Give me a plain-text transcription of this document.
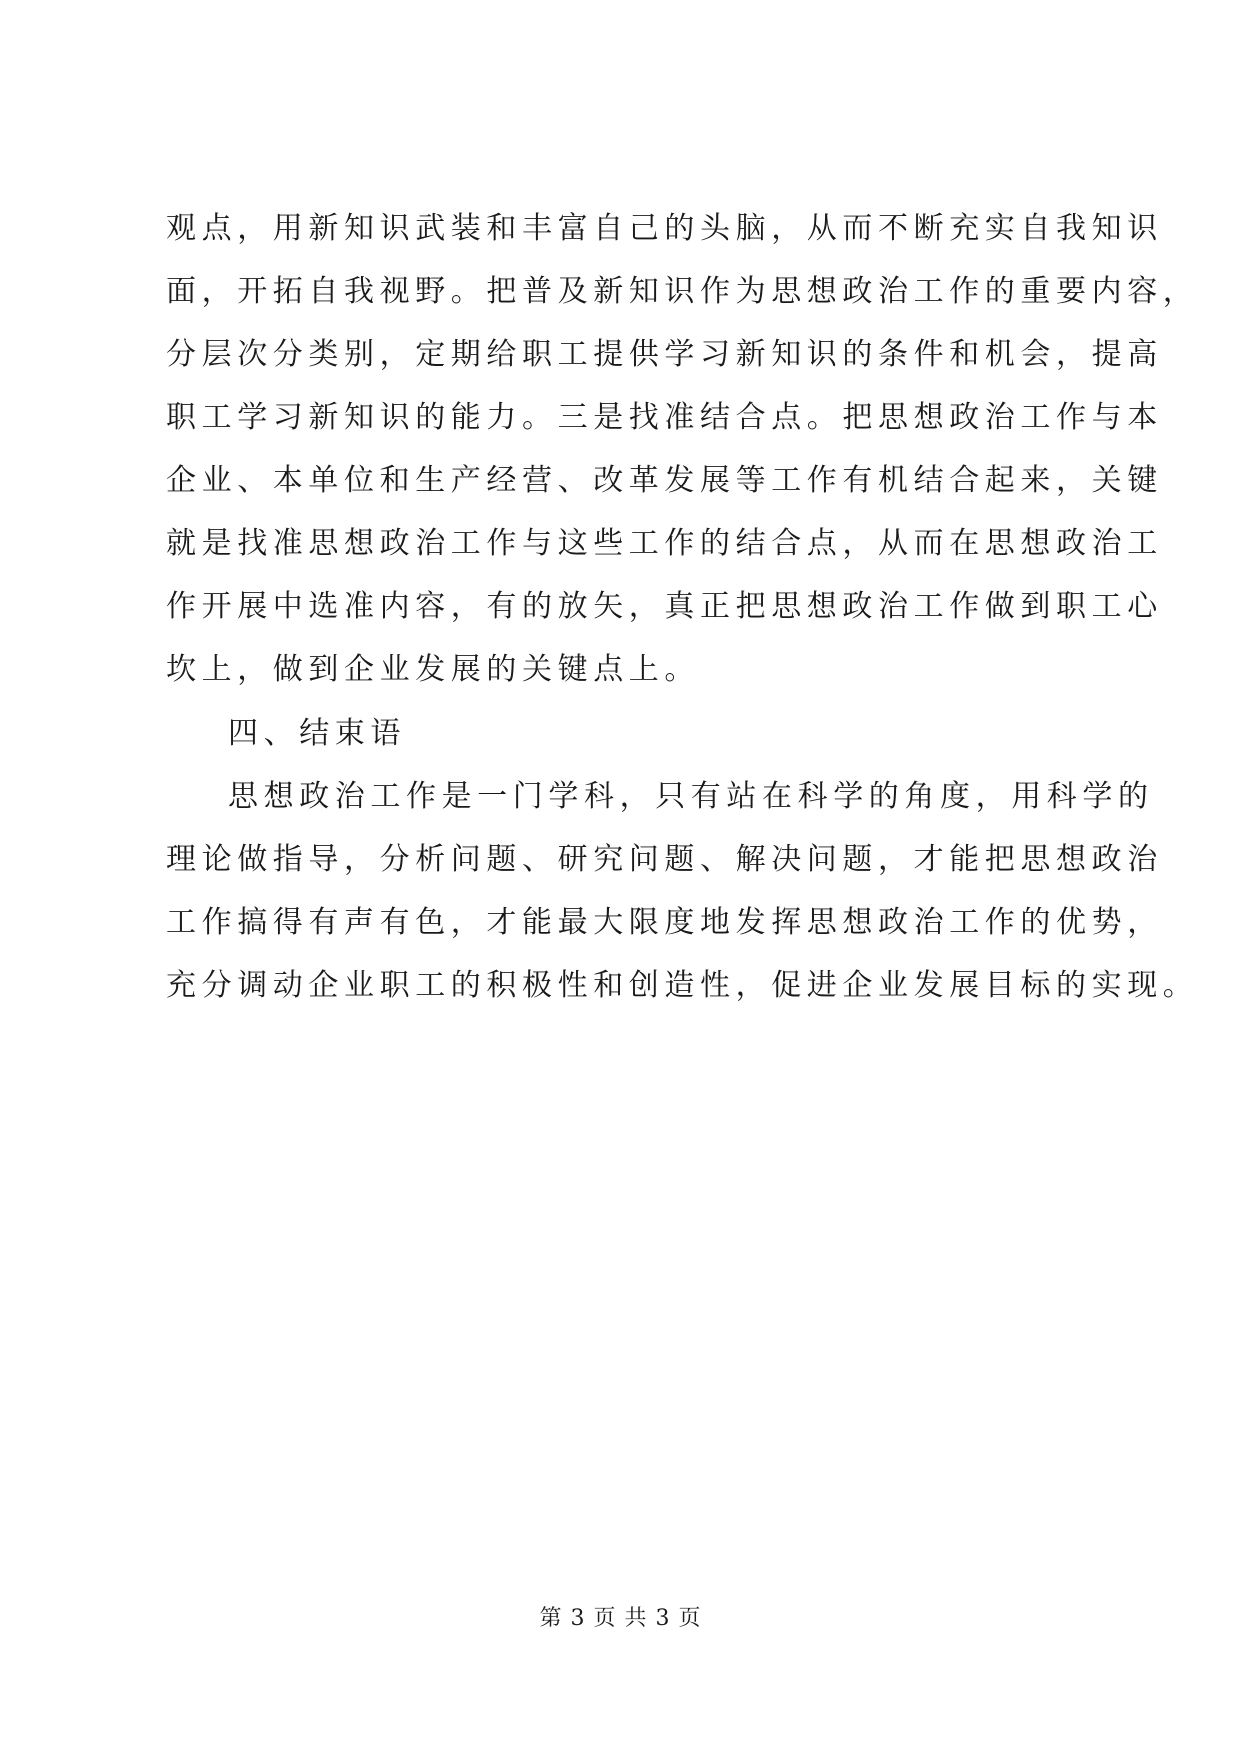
观点，用新知识武装和丰富自己的头脑，从而不断充实自我知识
面，开拓自我视野。把普及新知识作为思想政治工作的重要内容，
分层次分类别，定期给职工提供学习新知识的条件和机会，提高
职工学习新知识的能力。三是找准结合点。把思想政治工作与本
企业、本单位和生产经营、改革发展等工作有机结合起来，关键
就是找准思想政治工作与这些工作的结合点，从而在思想政治工
作开展中选准内容，有的放矢，真正把思想政治工作做到职工心
坎上，做到企业发展的关键点上。
四、结束语
思想政治工作是一门学科，只有站在科学的角度，用科学的
理论做指导，分析问题、研究问题、解决问题，才能把思想政治
工作搞得有声有色，才能最大限度地发挥思想政治工作的优势，
充分调动企业职工的积极性和创造性，促进企业发展目标的实现。
第 3 页 共 3 页
